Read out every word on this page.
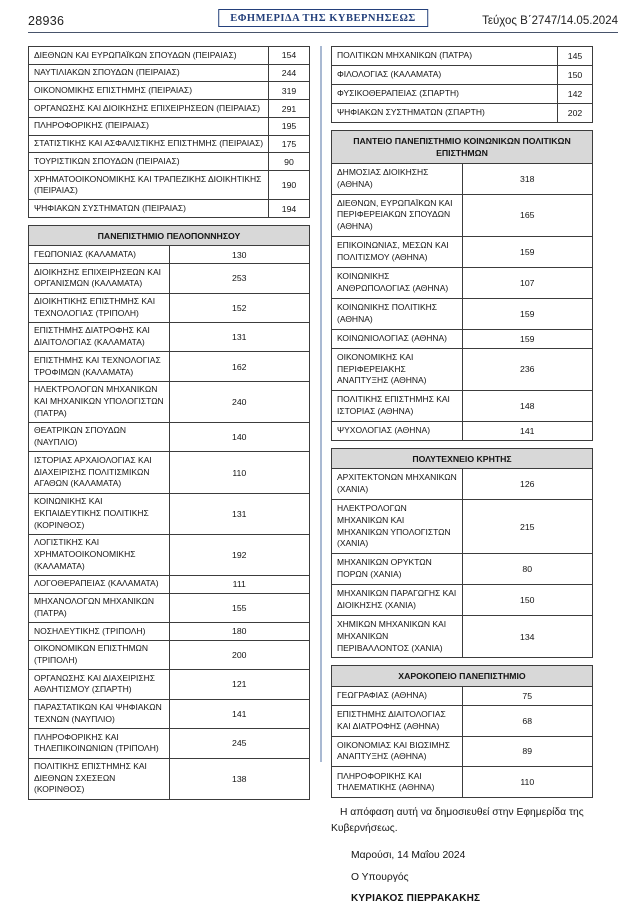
28936	ΕΦΗΜΕΡΙΔΑ ΤΗΣ ΚΥΒΕΡΝΗΣΕΩΣ	Τεύχος Β΄2747/14.05.2024
ΔΙΕΘΝΩΝ ΚΑΙ ΕΥΡΩΠΑΪΚΩΝ ΣΠΟΥΔΩΝ (ΠΕΙΡΑΙΑΣ)	154
ΝΑΥΤΙΛΙΑΚΩΝ ΣΠΟΥΔΩΝ (ΠΕΙΡΑΙΑΣ)	244
ΟΙΚΟΝΟΜΙΚΗΣ ΕΠΙΣΤΗΜΗΣ (ΠΕΙΡΑΙΑΣ)	319
ΟΡΓΑΝΩΣΗΣ ΚΑΙ ΔΙΟΙΚΗΣΗΣ ΕΠΙΧΕΙΡΗΣΕΩΝ (ΠΕΙΡΑΙΑΣ)	291
ΠΛΗΡΟΦΟΡΙΚΗΣ (ΠΕΙΡΑΙΑΣ)	195
ΣΤΑΤΙΣΤΙΚΗΣ ΚΑΙ ΑΣΦΑΛΙΣΤΙΚΗΣ ΕΠΙΣΤΗΜΗΣ (ΠΕΙΡΑΙΑΣ)	175
ΤΟΥΡΙΣΤΙΚΩΝ ΣΠΟΥΔΩΝ (ΠΕΙΡΑΙΑΣ)	90
ΧΡΗΜΑΤΟΟΙΚΟΝΟΜΙΚΗΣ ΚΑΙ ΤΡΑΠΕΖΙΚΗΣ ΔΙΟΙΚΗΤΙΚΗΣ (ΠΕΙΡΑΙΑΣ)	190
ΨΗΦΙΑΚΩΝ ΣΥΣΤΗΜΑΤΩΝ (ΠΕΙΡΑΙΑΣ)	194
ΠΑΝΕΠΙΣΤΗΜΙΟ ΠΕΛΟΠΟΝΝΗΣΟΥ	
ΓΕΩΠΟΝΙΑΣ (ΚΑΛΑΜΑΤΑ)	130
ΔΙΟΙΚΗΣΗΣ ΕΠΙΧΕΙΡΗΣΕΩΝ ΚΑΙ ΟΡΓΑΝΙΣΜΩΝ (ΚΑΛΑΜΑΤΑ)	253
ΔΙΟΙΚΗΤΙΚΗΣ ΕΠΙΣΤΗΜΗΣ ΚΑΙ ΤΕΧΝΟΛΟΓΙΑΣ (ΤΡΙΠΟΛΗ)	152
ΕΠΙΣΤΗΜΗΣ ΔΙΑΤΡΟΦΗΣ ΚΑΙ ΔΙΑΙΤΟΛΟΓΙΑΣ (ΚΑΛΑΜΑΤΑ)	131
ΕΠΙΣΤΗΜΗΣ ΚΑΙ ΤΕΧΝΟΛΟΓΙΑΣ ΤΡΟΦΙΜΩΝ (ΚΑΛΑΜΑΤΑ)	162
ΗΛΕΚΤΡΟΛΟΓΩΝ ΜΗΧΑΝΙΚΩΝ ΚΑΙ ΜΗΧΑΝΙΚΩΝ ΥΠΟΛΟΓΙΣΤΩΝ (ΠΑΤΡΑ)	240
ΘΕΑΤΡΙΚΩΝ ΣΠΟΥΔΩΝ (ΝΑΥΠΛΙΟ)	140
ΙΣΤΟΡΙΑΣ ΑΡΧΑΙΟΛΟΓΙΑΣ ΚΑΙ ΔΙΑΧΕΙΡΙΣΗΣ ΠΟΛΙΤΙΣΜΙΚΩΝ ΑΓΑΘΩΝ (ΚΑΛΑΜΑΤΑ)	110
ΚΟΙΝΩΝΙΚΗΣ ΚΑΙ ΕΚΠΑΙΔΕΥΤΙΚΗΣ ΠΟΛΙΤΙΚΗΣ (ΚΟΡΙΝΘΟΣ)	131
ΛΟΓΙΣΤΙΚΗΣ ΚΑΙ ΧΡΗΜΑΤΟΟΙΚΟΝΟΜΙΚΗΣ (ΚΑΛΑΜΑΤΑ)	192
ΛΟΓΟΘΕΡΑΠΕΙΑΣ (ΚΑΛΑΜΑΤΑ)	111
ΜΗΧΑΝΟΛΟΓΩΝ ΜΗΧΑΝΙΚΩΝ (ΠΑΤΡΑ)	155
ΝΟΣΗΛΕΥΤΙΚΗΣ (ΤΡΙΠΟΛΗ)	180
ΟΙΚΟΝΟΜΙΚΩΝ ΕΠΙΣΤΗΜΩΝ (ΤΡΙΠΟΛΗ)	200
ΟΡΓΑΝΩΣΗΣ ΚΑΙ ΔΙΑΧΕΙΡΙΣΗΣ ΑΘΛΗΤΙΣΜΟΥ (ΣΠΑΡΤΗ)	121
ΠΑΡΑΣΤΑΤΙΚΩΝ ΚΑΙ ΨΗΦΙΑΚΩΝ ΤΕΧΝΩΝ (ΝΑΥΠΛΙΟ)	141
ΠΛΗΡΟΦΟΡΙΚΗΣ ΚΑΙ ΤΗΛΕΠΙΚΟΙΝΩΝΙΩΝ (ΤΡΙΠΟΛΗ)	245
ΠΟΛΙΤΙΚΗΣ ΕΠΙΣΤΗΜΗΣ ΚΑΙ ΔΙΕΘΝΩΝ ΣΧΕΣΕΩΝ (ΚΟΡΙΝΘΟΣ)	138
ΠΟΛΙΤΙΚΩΝ ΜΗΧΑΝΙΚΩΝ (ΠΑΤΡΑ)	145
ΦΙΛΟΛΟΓΙΑΣ (ΚΑΛΑΜΑΤΑ)	150
ΦΥΣΙΚΟΘΕΡΑΠΕΙΑΣ (ΣΠΑΡΤΗ)	142
ΨΗΦΙΑΚΩΝ ΣΥΣΤΗΜΑΤΩΝ (ΣΠΑΡΤΗ)	202
ΠΑΝΤΕΙΟ ΠΑΝΕΠΙΣΤΗΜΙΟ ΚΟΙΝΩΝΙΚΩΝ ΠΟΛΙΤΙΚΩΝ ΕΠΙΣΤΗΜΩΝ	
ΔΗΜΟΣΙΑΣ ΔΙΟΙΚΗΣΗΣ (ΑΘΗΝΑ)	318
ΔΙΕΘΝΩΝ, ΕΥΡΩΠΑΪΚΩΝ ΚΑΙ ΠΕΡΙΦΕΡΕΙΑΚΩΝ ΣΠΟΥΔΩΝ (ΑΘΗΝΑ)	165
ΕΠΙΚΟΙΝΩΝΙΑΣ, ΜΕΣΩΝ ΚΑΙ ΠΟΛΙΤΙΣΜΟΥ (ΑΘΗΝΑ)	159
ΚΟΙΝΩΝΙΚΗΣ ΑΝΘΡΩΠΟΛΟΓΙΑΣ (ΑΘΗΝΑ)	107
ΚΟΙΝΩΝΙΚΗΣ ΠΟΛΙΤΙΚΗΣ (ΑΘΗΝΑ)	159
ΚΟΙΝΩΝΙΟΛΟΓΙΑΣ (ΑΘΗΝΑ)	159
ΟΙΚΟΝΟΜΙΚΗΣ ΚΑΙ ΠΕΡΙΦΕΡΕΙΑΚΗΣ ΑΝΑΠΤΥΞΗΣ (ΑΘΗΝΑ)	236
ΠΟΛΙΤΙΚΗΣ ΕΠΙΣΤΗΜΗΣ ΚΑΙ ΙΣΤΟΡΙΑΣ (ΑΘΗΝΑ)	148
ΨΥΧΟΛΟΓΙΑΣ (ΑΘΗΝΑ)	141
ΠΟΛΥΤΕΧΝΕΙΟ ΚΡΗΤΗΣ	
ΑΡΧΙΤΕΚΤΟΝΩΝ ΜΗΧΑΝΙΚΩΝ (ΧΑΝΙΑ)	126
ΗΛΕΚΤΡΟΛΟΓΩΝ ΜΗΧΑΝΙΚΩΝ ΚΑΙ ΜΗΧΑΝΙΚΩΝ ΥΠΟΛΟΓΙΣΤΩΝ (ΧΑΝΙΑ)	215
ΜΗΧΑΝΙΚΩΝ ΟΡΥΚΤΩΝ ΠΟΡΩΝ (ΧΑΝΙΑ)	80
ΜΗΧΑΝΙΚΩΝ ΠΑΡΑΓΩΓΗΣ ΚΑΙ ΔΙΟΙΚΗΣΗΣ (ΧΑΝΙΑ)	150
ΧΗΜΙΚΩΝ ΜΗΧΑΝΙΚΩΝ ΚΑΙ ΜΗΧΑΝΙΚΩΝ ΠΕΡΙΒΑΛΛΟΝΤΟΣ (ΧΑΝΙΑ)	134
ΧΑΡΟΚΟΠΕΙΟ ΠΑΝΕΠΙΣΤΗΜΙΟ	
ΓΕΩΓΡΑΦΙΑΣ (ΑΘΗΝΑ)	75
ΕΠΙΣΤΗΜΗΣ ΔΙΑΙΤΟΛΟΓΙΑΣ ΚΑΙ ΔΙΑΤΡΟΦΗΣ (ΑΘΗΝΑ)	68
ΟΙΚΟΝΟΜΙΑΣ ΚΑΙ ΒΙΩΣΙΜΗΣ ΑΝΑΠΤΥΞΗΣ (ΑΘΗΝΑ)	89
ΠΛΗΡΟΦΟΡΙΚΗΣ ΚΑΙ ΤΗΛΕΜΑΤΙΚΗΣ (ΑΘΗΝΑ)	110

Η απόφαση αυτή να δημοσιευθεί στην Εφημερίδα της Κυβερνήσεως.

Μαρούσι, 14 Μαΐου 2024

Ο Υπουργός

ΚΥΡΙΑΚΟΣ ΠΙΕΡΡΑΚΑΚΗΣ
